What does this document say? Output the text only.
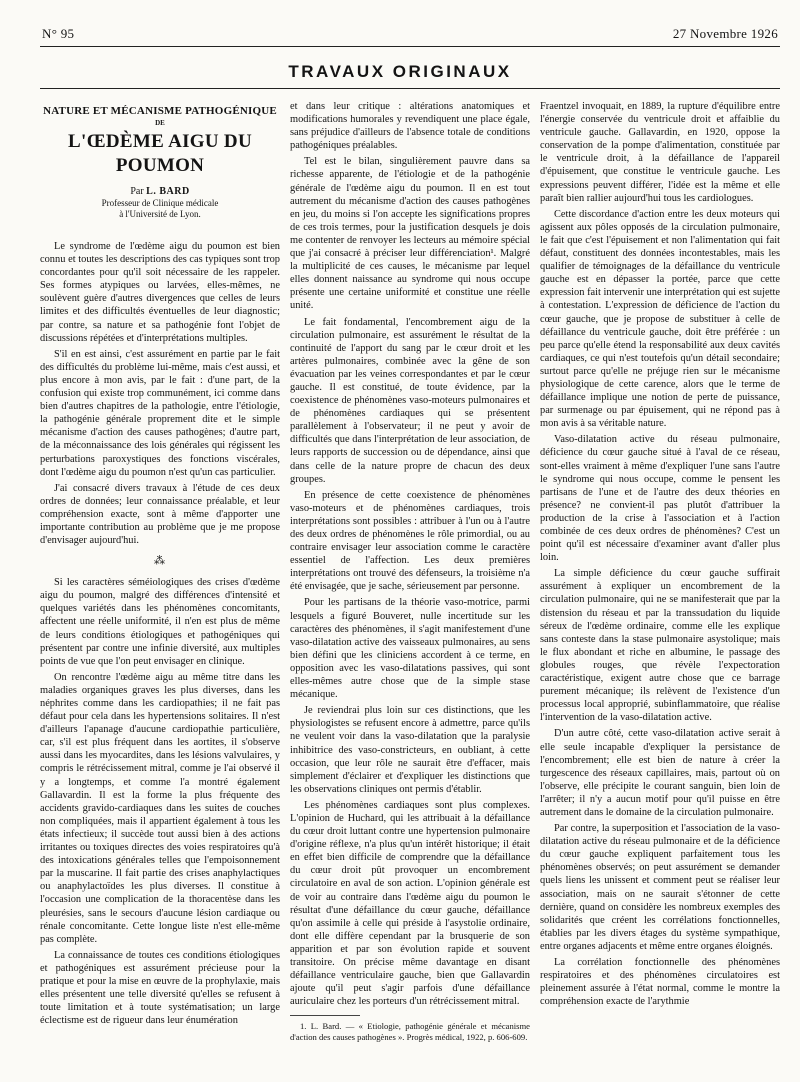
N° 95	27 Novembre 1926
TRAVAUX ORIGINAUX
NATURE ET MÉCANISME PATHOGÉNIQUE
DE
L'ŒDÈME AIGU DU POUMON
Par L. BARD
Professeur de Clinique médicale
à l'Université de Lyon.

Le syndrome de l'œdème aigu du poumon est bien connu et toutes les descriptions des cas typiques sont trop concordantes pour qu'il soit nécessaire de les rappeler. Ses formes atypiques ou larvées, elles-mêmes, ne soulèvent guère d'autres divergences que celles de leurs limites et des difficultés éventuelles de leur diagnostic; par contre, sa nature et sa pathogénie font l'objet de discussions répétées et d'interprétations multiples.

S'il en est ainsi, c'est assurément en partie par le fait des difficultés du problème lui-même, mais c'est aussi, et plus encore à mon avis, par le fait : d'une part, de la confusion qui existe trop communément, ici comme dans bien d'autres chapitres de la pathologie, entre l'étiologie, la pathogénie générale proprement dite et le simple mécanisme d'action des causes pathogènes; d'autre part, de la méconnaissance des lois générales qui régissent les perturbations paroxystiques des fonctions viscérales, dont l'œdème aigu du poumon n'est qu'un cas particulier.

J'ai consacré divers travaux à l'étude de ces deux ordres de données; leur connaissance préalable, et leur compréhension exacte, sont à même d'apporter une importante contribution au problème que je me propose d'envisager aujourd'hui.

⁂

Si les caractères séméiologiques des crises d'œdème aigu du poumon, malgré des différences d'intensité et quelques variétés dans les phénomènes concomitants, affectent une réelle uniformité, il n'en est plus de même de leurs conditions étiologiques et pathogéniques qui présentent par contre une infinie diversité, aux multiples points de vue que l'on peut envisager en clinique.

On rencontre l'œdème aigu au même titre dans les maladies organiques graves les plus diverses, dans les néphrites comme dans les cardiopathies; il ne fait pas défaut pour cela dans les hypertensions solitaires. Il n'est d'ailleurs l'apanage d'aucune cardiopathie particulière, car, s'il est plus fréquent dans les aortites, il s'observe aussi dans les myocardites, dans les lésions valvulaires, y compris le rétrécissement mitral, comme je l'ai observé il y a longtemps, et comme l'a montré également Gallavardin. Il est la forme la plus fréquente des accidents gravido-cardiaques dans les suites de couches non compliquées, mais il appartient également à tous les états infectieux; il succède tout aussi bien à des actions irritantes ou toxiques directes des voies respiratoires qu'à des intoxications générales telles que l'empoisonnement par la muscarine. Il fait partie des crises anaphylactiques ou anaphylactoïdes les plus diverses. Il constitue à l'occasion une complication de la thoracentèse dans les pleurésies, sans le secours d'aucune lésion cardiaque ou rénale concomitante. Cette longue liste n'est elle-même pas complète.

La connaissance de toutes ces conditions étiologiques et pathogéniques est assurément précieuse pour la pratique et pour la mise en œuvre de la prophylaxie, mais elles présentent une telle diversité qu'elles se refusent à toute limitation et à toute systématisation; un large éclectisme est de rigueur dans leur énumération

et dans leur critique : altérations anatomiques et modifications humorales y revendiquent une place égale, sans préjudice d'ailleurs de l'absence totale de conditions pathogéniques préalables.

Tel est le bilan, singulièrement pauvre dans sa richesse apparente, de l'étiologie et de la pathogénie générale de l'œdème aigu du poumon. Il en est tout autrement du mécanisme d'action des causes pathogènes en jeu, du moins si l'on accepte les significations propres de ces trois termes, pour la justification desquels je dois me contenter de renvoyer les lecteurs au mémoire spécial que j'ai consacré à préciser leur différenciation¹. Malgré la multiplicité de ces causes, le mécanisme par lequel elles donnent naissance au syndrome qui nous occupe présente une certaine uniformité et constitue une réelle unité.

Le fait fondamental, l'encombrement aigu de la circulation pulmonaire, est assurément le résultat de la continuité de l'apport du sang par le cœur droit et les artères pulmonaires, combinée avec la gêne de son évacuation par les veines correspondantes et par le cœur gauche. Il est constitué, de toute évidence, par la coexistence de phénomènes vaso-moteurs pulmonaires et de phénomènes cardiaques qui se présentent parallèlement à l'observateur; il ne peut y avoir de difficultés que dans l'interprétation de leur association, de leurs rapports de succession ou de dépendance, ainsi que dans celle de la nature propre de chacun des deux groupes.

En présence de cette coexistence de phénomènes vaso-moteurs et de phénomènes cardiaques, trois interprétations sont possibles : attribuer à l'un ou à l'autre des deux ordres de phénomènes le rôle primordial, ou au contraire envisager leur association comme le caractère essentiel de l'affection. Les deux premières interprétations ont trouvé des défenseurs, la troisième n'a été envisagée, que je sache, sérieusement par personne.

Pour les partisans de la théorie vaso-motrice, parmi lesquels a figuré Bouveret, nulle incertitude sur les caractères des phénomènes, il s'agit manifestement d'une vaso-dilatation active des vaisseaux pulmonaires, au sens bien défini que les cliniciens accordent à ce terme, en opposition avec les vaso-dilatations passives, qui sont elles-mêmes autre chose que de la simple stase mécanique.

Je reviendrai plus loin sur ces distinctions, que les physiologistes se refusent encore à admettre, parce qu'ils ne veulent voir dans la vaso-dilatation que la paralysie inhibitrice des vaso-constricteurs, en oubliant, à cette occasion, que leur rôle ne saurait être d'effacer, mais simplement d'éclairer et d'expliquer les distinctions que les observations cliniques ont permis d'établir.

Les phénomènes cardiaques sont plus complexes. L'opinion de Huchard, qui les attribuait à la défaillance du cœur droit luttant contre une hypertension pulmonaire d'origine réflexe, n'a plus qu'un intérêt historique; il était en effet bien difficile de comprendre que la défaillance du cœur droit pût provoquer un encombrement circulatoire en aval de son action. L'opinion générale est de voir au contraire dans l'œdème aigu du poumon le résultat d'une défaillance du cœur gauche, défaillance qu'on assimile à celle qui préside à l'asystolie ordinaire, dont elle diffère cependant par la brusquerie de son apparition et par son évolution rapide et souvent transitoire. On précise même davantage en disant défaillance ventriculaire gauche, bien que Gallavardin ajoute qu'il peut s'agir parfois d'une défaillance auriculaire chez les porteurs d'un rétrécissement mitral.

1. L. Bard. — « Etiologie, pathogénie générale et mécanisme d'action des causes pathogènes ». Progrès médical, 1922, p. 606-609.

Fraentzel invoquait, en 1889, la rupture d'équilibre entre l'énergie conservée du ventricule droit et affaiblie du ventricule gauche. Gallavardin, en 1920, oppose la conservation de la pompe d'alimentation, constituée par le ventricule droit, à la défaillance de l'appareil d'épuisement, que constitue le ventricule gauche. Les expressions peuvent différer, l'idée est la même et elle paraît bien rallier aujourd'hui tous les cardiologues.

Cette discordance d'action entre les deux moteurs qui agissent aux pôles opposés de la circulation pulmonaire, le fait que c'est l'épuisement et non l'alimentation qui fait défaut, constituent des données incontestables, mais les qualifier de témoignages de la défaillance du ventricule gauche est en dépasser la portée, parce que cette expression fait intervenir une interprétation qui est sujette à contestation. L'expression de déficience de l'action du cœur gauche, que je propose de substituer à celle de défaillance du ventricule gauche, doit être préférée : un peu parce qu'elle étend la responsabilité aux deux cavités cardiaques, ce qui n'est toutefois qu'un détail secondaire; surtout parce qu'elle ne préjuge rien sur le mécanisme physiologique de cette carence, alors que le terme de défaillance implique une notion de perte de puissance, par surmenage ou par épuisement, qui ne répond pas à mon avis à sa véritable nature.

Vaso-dilatation active du réseau pulmonaire, déficience du cœur gauche situé à l'aval de ce réseau, sont-elles vraiment à même d'expliquer l'une sans l'autre le syndrome qui nous occupe, comme le pensent les partisans de l'une et de l'autre des deux théories en présence? ne convient-il pas plutôt d'attribuer la production de la crise à l'association et à l'action combinée de ces deux ordres de phénomènes? C'est un point qu'il est nécessaire d'examiner avant d'aller plus loin.

La simple déficience du cœur gauche suffirait assurément à expliquer un encombrement de la circulation pulmonaire, qui ne se manifesterait que par la distension du réseau et par la transsudation du liquide séreux de l'œdème ordinaire, comme elle les explique sans conteste dans la stase pulmonaire asystolique; mais le flux abondant et riche en albumine, le passage des globules rouges, que révèle l'expectoration caractéristique, exigent autre chose que ce barrage purement mécanique; ils relèvent de l'existence d'un processus local approprié, subinflammatoire, que réalise l'intervention de la vaso-dilatation active.

D'un autre côté, cette vaso-dilatation active serait à elle seule incapable d'expliquer la persistance de l'encombrement; elle est bien de nature à créer la turgescence des réseaux capillaires, mais, partout où on l'observe, elle précipite le courant sanguin, bien loin de l'arrêter; il n'y a aucun motif pour qu'il puisse en être autrement dans le domaine de la circulation pulmonaire.

Par contre, la superposition et l'association de la vaso-dilatation active du réseau pulmonaire et de la déficience du cœur gauche expliquent parfaitement tous les phénomènes observés; on peut assurément se demander quels liens les unissent et comment peut se réaliser leur association, mais on ne saurait s'étonner de cette dernière, quand on considère les nombreux exemples des solidarités que créent les corrélations fonctionnelles, établies par les divers étages du système sympathique, entre organes adjacents et même entre organes éloignés.

La corrélation fonctionnelle des phénomènes respiratoires et des phénomènes circulatoires est pleinement assurée à l'état normal, comme le montre la compréhension exacte de l'arythmie
